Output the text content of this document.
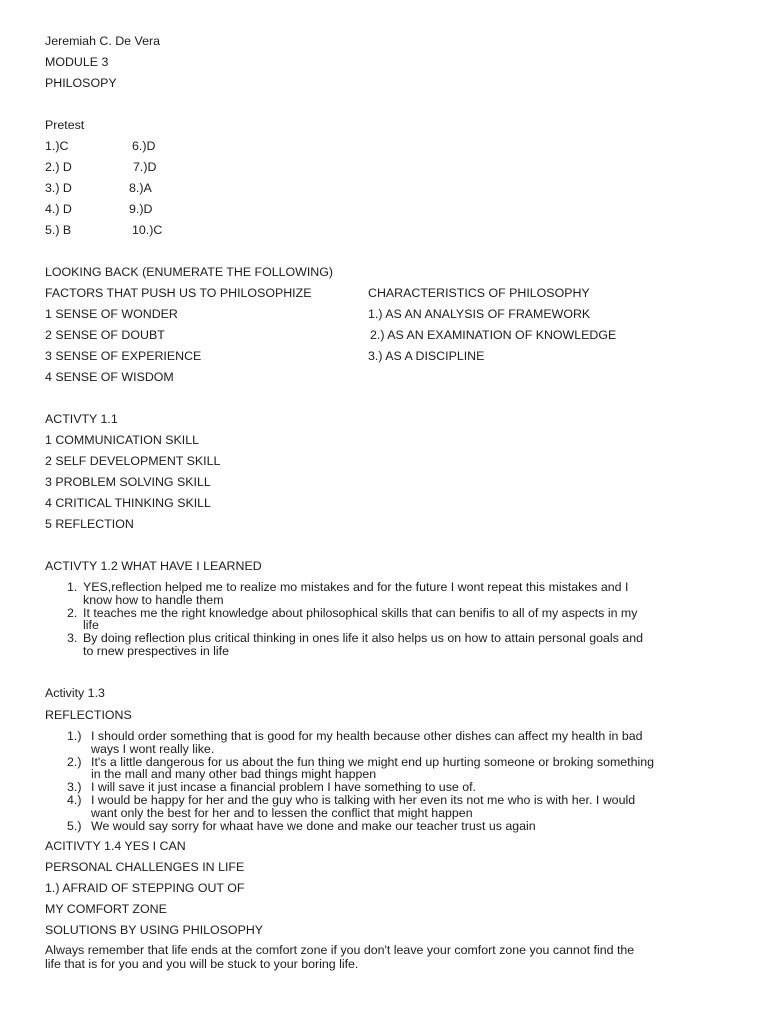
Jeremiah C. De Vera
MODULE 3
PHILOSOPY
Pretest
1.)C
2.) D
3.) D
4.) D
5.) B
6.)D
7.)D
8.)A
9.)D
10.)C
LOOKING BACK (ENUMERATE THE FOLLOWING)
FACTORS THAT PUSH US TO PHILOSOPHIZE	CHARACTERISTICS OF PHILOSOPHY
1 SENSE OF WONDER
2 SENSE OF DOUBT
3 SENSE OF EXPERIENCE
4 SENSE OF WISDOM
1.) AS AN ANALYSIS OF FRAMEWORK
2.) AS AN EXAMINATION OF KNOWLEDGE
3.) AS A DISCIPLINE
ACTIVTY 1.1
1 COMMUNICATION SKILL
2 SELF DEVELOPMENT SKILL
3 PROBLEM SOLVING SKILL
4 CRITICAL THINKING SKILL
5 REFLECTION
ACTIVTY 1.2 WHAT HAVE I LEARNED
1. YES,reflection helped me to realize mo mistakes and for the future I wont repeat this mistakes and I
know how to handle them
2. It teaches me the right knowledge about philosophical skills that can benifis to all of my aspects in my
life
3. By doing reflection plus critical thinking in ones life it also helps us on how to attain personal goals and
to rnew prespectives in life
Activity 1.3
REFLECTIONS
1.) I should order something that is good for my health because other dishes can affect my health in bad
ways I wont really like.
2.) It's a little dangerous for us about the fun thing we might end up hurting someone or broking something
in the mall and many other bad things might happen
3.) I will save it just incase a financial problem I have something to use of.
4.) I would be happy for her and the guy who is talking with her even its not me who is with her. I would
want only the best for her and to lessen the conflict that might happen
5.) We would say sorry for whaat have we done and make our teacher trust us again
ACITIVTY 1.4 YES I CAN
PERSONAL CHALLENGES IN LIFE
1.) AFRAID OF STEPPING OUT OF
MY COMFORT ZONE
SOLUTIONS BY USING PHILOSOPHY
Always remember that life ends at the comfort zone if you don't leave your comfort zone you cannot find the
life that is for you and you will be stuck to your boring life.
